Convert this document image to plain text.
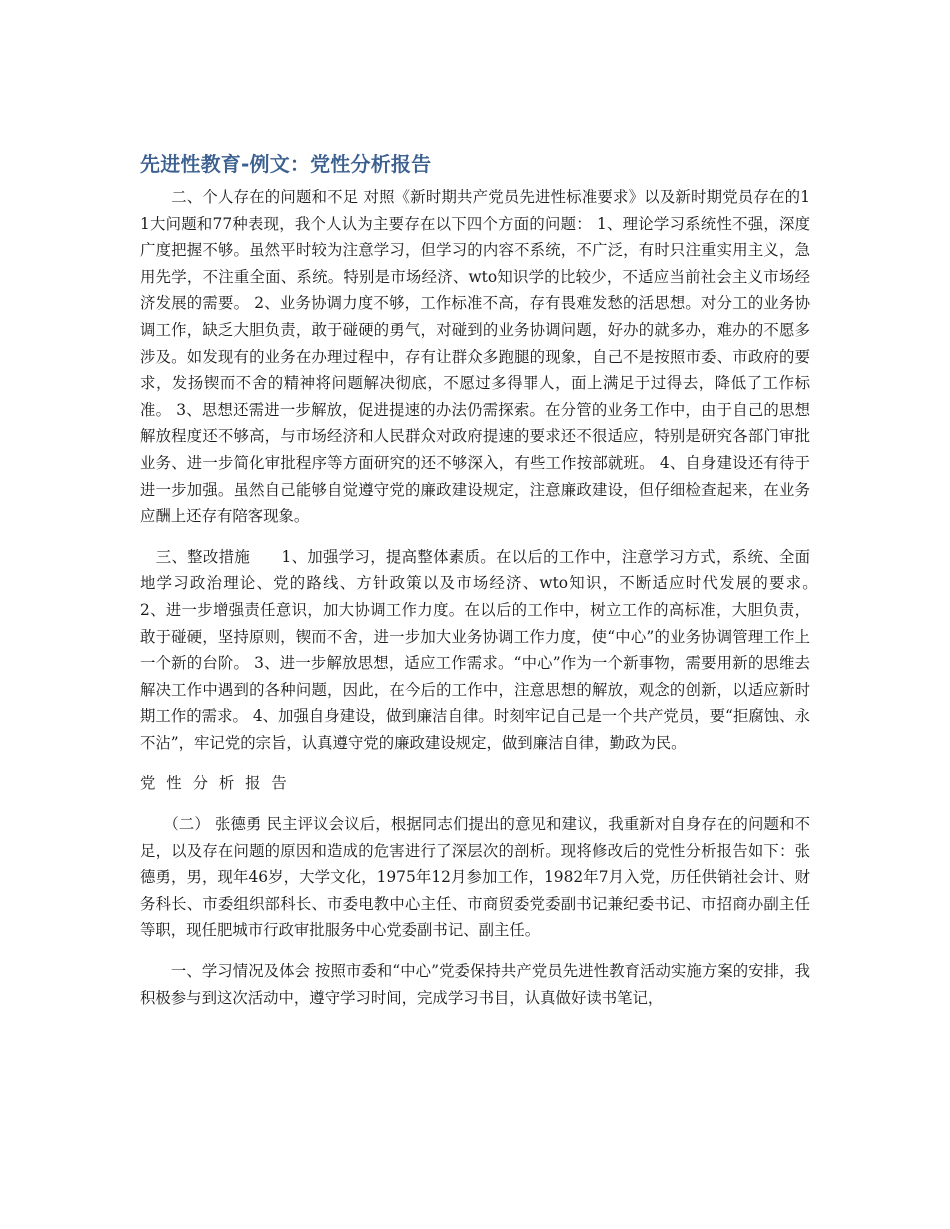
先进性教育-例文：党性分析报告

　　二、个人存在的问题和不足 对照《新时期共产党员先进性标准要求》以及新时期党员存在的11大问题和77种表现，我个人认为主要存在以下四个方面的问题： 1、理论学习系统性不强，深度广度把握不够。虽然平时较为注意学习，但学习的内容不系统，不广泛，有时只注重实用主义，急用先学，不注重全面、系统。特别是市场经济、wto知识学的比较少，不适应当前社会主义市场经济发展的需要。 2、业务协调力度不够，工作标准不高，存有畏难发愁的活思想。对分工的业务协调工作，缺乏大胆负责，敢于碰硬的勇气，对碰到的业务协调问题，好办的就多办，难办的不愿多涉及。如发现有的业务在办理过程中，存有让群众多跑腿的现象，自己不是按照市委、市政府的要求，发扬锲而不舍的精神将问题解决彻底，不愿过多得罪人，面上满足于过得去，降低了工作标准。 3、思想还需进一步解放，促进提速的办法仍需探索。在分管的业务工作中，由于自己的思想解放程度还不够高，与市场经济和人民群众对政府提速的要求还不很适应，特别是研究各部门审批业务、进一步简化审批程序等方面研究的还不够深入，有些工作按部就班。 4、自身建设还有待于进一步加强。虽然自己能够自觉遵守党的廉政建设规定，注意廉政建设，但仔细检查起来，在业务应酬上还存有陪客现象。

　三、整改措施　　1、加强学习，提高整体素质。在以后的工作中，注意学习方式，系统、全面地学习政治理论、党的路线、方针政策以及市场经济、wto知识，不断适应时代发展的要求。　　2、进一步增强责任意识，加大协调工作力度。在以后的工作中，树立工作的高标准，大胆负责，敢于碰硬，坚持原则，锲而不舍，进一步加大业务协调工作力度，使“中心”的业务协调管理工作上一个新的台阶。 3、进一步解放思想，适应工作需求。“中心”作为一个新事物，需要用新的思维去解决工作中遇到的各种问题，因此，在今后的工作中，注意思想的解放，观念的创新，以适应新时期工作的需求。 4、加强自身建设，做到廉洁自律。时刻牢记自己是一个共产党员，要“拒腐蚀、永不沾”，牢记党的宗旨，认真遵守党的廉政建设规定，做到廉洁自律，勤政为民。

党 性 分 析 报 告

　　（二） 张德勇 民主评议会议后，根据同志们提出的意见和建议，我重新对自身存在的问题和不足，以及存在问题的原因和造成的危害进行了深层次的剖析。现将修改后的党性分析报告如下：张德勇，男，现年46岁，大学文化，1975年12月参加工作，1982年7月入党，历任供销社会计、财务科长、市委组织部科长、市委电教中心主任、市商贸委党委副书记兼纪委书记、市招商办副主任等职，现任肥城市行政审批服务中心党委副书记、副主任。

　　一、学习情况及体会 按照市委和“中心”党委保持共产党员先进性教育活动实施方案的安排，我积极参与到这次活动中，遵守学习时间，完成学习书目，认真做好读书笔记，
